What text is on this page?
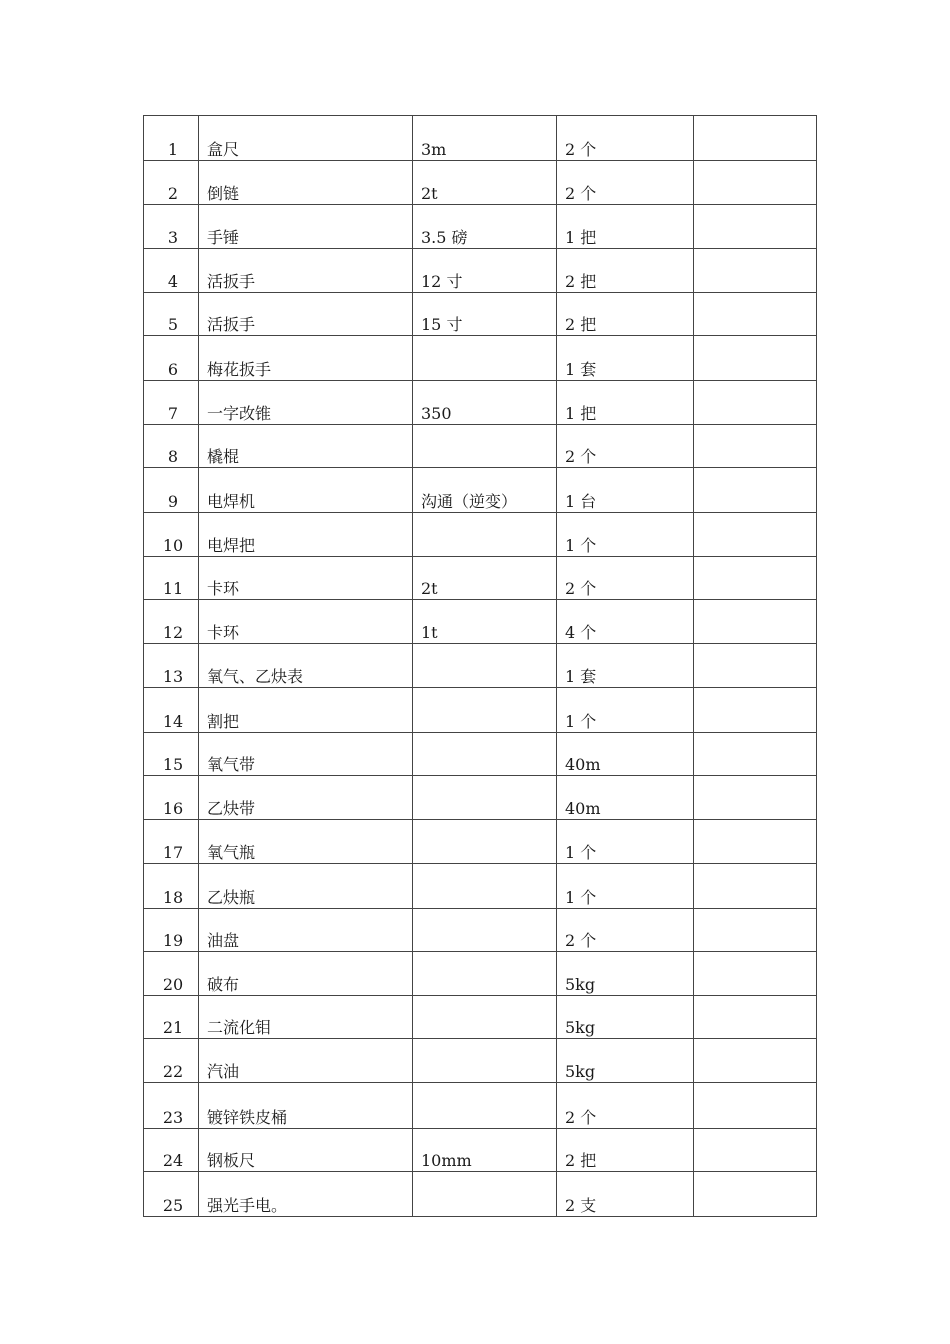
1	盒尺	3m	2 个	
2	倒链	2t	2 个	
3	手锤	3.5 磅	1 把	
4	活扳手	12 寸	2 把	
5	活扳手	15 寸	2 把	
6	梅花扳手		1 套	
7	一字改锥	350	1 把	
8	橇棍		2 个	
9	电焊机	沟通（逆变）	1 台	
10	电焊把		1 个	
11	卡环	2t	2 个	
12	卡环	1t	4 个	
13	氧气、乙炔表		1 套	
14	割把		1 个	
15	氧气带		40m	
16	乙炔带		40m	
17	氧气瓶		1 个	
18	乙炔瓶		1 个	
19	油盘		2 个	
20	破布		5kg	
21	二流化钼		5kg	
22	汽油		5kg	
23	镀锌铁皮桶		2 个	
24	钢板尺	10mm	2 把	
25	强光手电。		2 支	
